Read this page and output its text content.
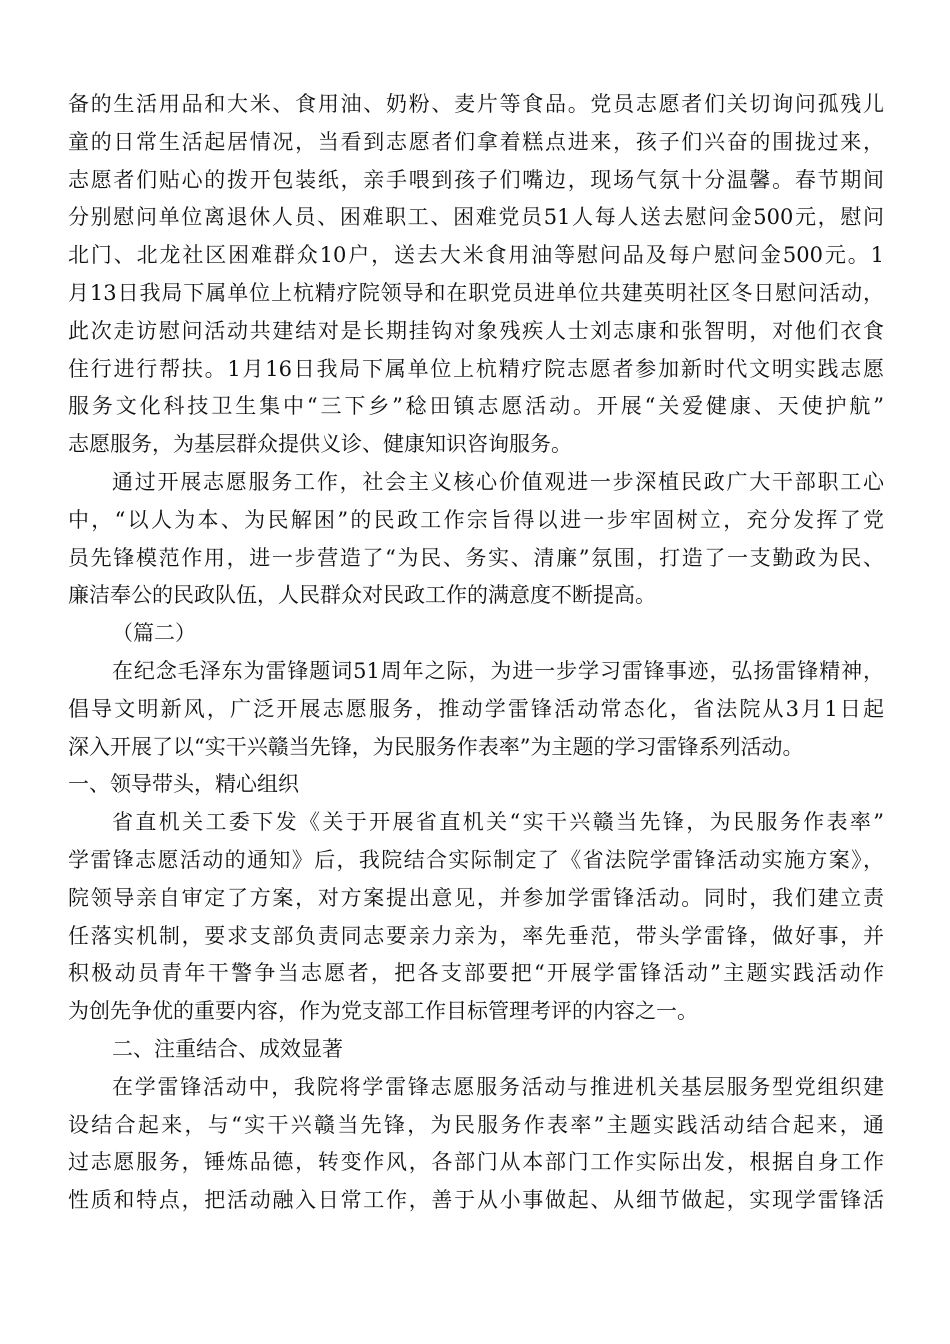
备的生活用品和大米、食用油、奶粉、麦片等食品。党员志愿者们关切询问孤残儿
童的日常生活起居情况，当看到志愿者们拿着糕点进来，孩子们兴奋的围拢过来，
志愿者们贴心的拨开包装纸，亲手喂到孩子们嘴边，现场气氛十分温馨。春节期间
分别慰问单位离退休人员、困难职工、困难党员51人每人送去慰问金500元，慰问
北门、北龙社区困难群众10户，送去大米食用油等慰问品及每户慰问金500元。1
月13日我局下属单位上杭精疗院领导和在职党员进单位共建英明社区冬日慰问活动，
此次走访慰问活动共建结对是长期挂钩对象残疾人士刘志康和张智明，对他们衣食
住行进行帮扶。1月16日我局下属单位上杭精疗院志愿者参加新时代文明实践志愿
服务文化科技卫生集中“三下乡”稔田镇志愿活动。开展“关爱健康、天使护航”
志愿服务，为基层群众提供义诊、健康知识咨询服务。
通过开展志愿服务工作，社会主义核心价值观进一步深植民政广大干部职工心
中，“以人为本、为民解困”的民政工作宗旨得以进一步牢固树立，充分发挥了党
员先锋模范作用，进一步营造了“为民、务实、清廉”氛围，打造了一支勤政为民、
廉洁奉公的民政队伍，人民群众对民政工作的满意度不断提高。
（篇二）
在纪念毛泽东为雷锋题词51周年之际，为进一步学习雷锋事迹，弘扬雷锋精神，
倡导文明新风，广泛开展志愿服务，推动学雷锋活动常态化，省法院从3月1日起
深入开展了以“实干兴赣当先锋，为民服务作表率”为主题的学习雷锋系列活动。
一、领导带头，精心组织
省直机关工委下发《关于开展省直机关“实干兴赣当先锋，为民服务作表率”
学雷锋志愿活动的通知》后，我院结合实际制定了《省法院学雷锋活动实施方案》，
院领导亲自审定了方案，对方案提出意见，并参加学雷锋活动。同时，我们建立责
任落实机制，要求支部负责同志要亲力亲为，率先垂范，带头学雷锋，做好事，并
积极动员青年干警争当志愿者，把各支部要把“开展学雷锋活动”主题实践活动作
为创先争优的重要内容，作为党支部工作目标管理考评的内容之一。
二、注重结合、成效显著
在学雷锋活动中，我院将学雷锋志愿服务活动与推进机关基层服务型党组织建
设结合起来，与“实干兴赣当先锋，为民服务作表率”主题实践活动结合起来，通
过志愿服务，锤炼品德，转变作风，各部门从本部门工作实际出发，根据自身工作
性质和特点，把活动融入日常工作，善于从小事做起、从细节做起，实现学雷锋活
